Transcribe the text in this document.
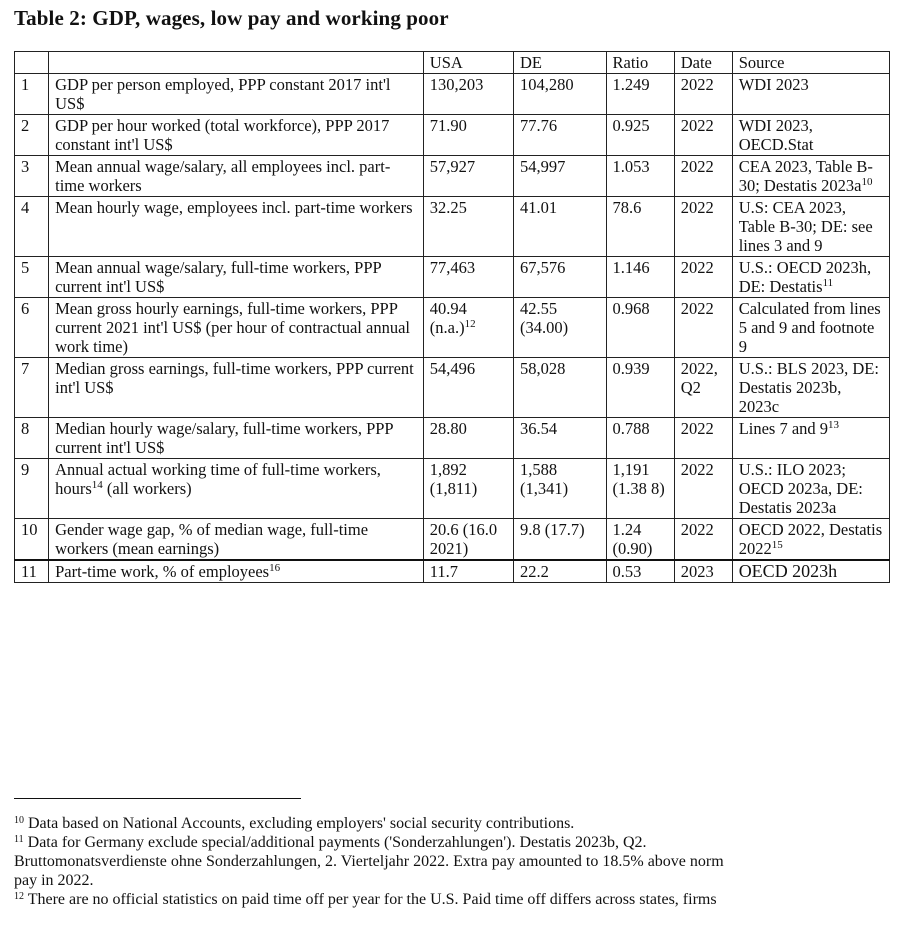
Table 2: GDP, wages, low pay and working poor
		USA	DE	Ratio	Date	Source
1	GDP per person employed, PPP constant 2017 int'l US$	130,203	104,280	1.249	2022	WDI 2023
2	GDP per hour worked (total workforce), PPP 2017 constant int'l US$	71.90	77.76	0.925	2022	WDI 2023, OECD.Stat
3	Mean annual wage/salary, all employees incl. part-time workers	57,927	54,997	1.053	2022	CEA 2023, Table B-30; Destatis $2023a^{10}$
4	Mean hourly wage, employees incl. part-time workers	32.25	41.01	78.6	2022	U.S: CEA 2023, Table B-30; DE: see lines 3 and 9
5	Mean annual wage/salary, full-time workers, PPP current int'l US$	77,463	67,576	1.146	2022	U.S.: OECD 2023h, DE: Destatis$^{11}$
6	Mean gross hourly earnings, full-time workers, PPP current 2021 int'l US$ (per hour of contractual annual work time)	40.94 $(n.a.)^{12}$	42.55 (34.00)	0.968	2022	Calculated from lines 5 and 9 and footnote 9
7	Median gross earnings, full-time workers, PPP current int'l US$	54,496	58,028	0.939	2022, Q2	U.S.: BLS 2023, DE: Destatis 2023b, 2023c
8	Median hourly wage/salary, full-time workers, PPP current int'l US$	28.80	36.54	0.788	2022	Lines 7 and $9^{13}$
9	Annual actual working time of full-time workers, hours$^{14}$ (all workers)	1,892 (1,811)	1,588 (1,341)	1,191 (1.38 8)	2022	U.S.: ILO 2023; OECD 2023a, DE: Destatis 2023a
10	Gender wage gap, % of median wage, full-time workers (mean earnings)	20.6 (16.0 2021)	9.8 (17.7)	1.24 (0.90)	2022	OECD 2022, Destatis 2022$^{15}$
11	Part-time work, % of employees$^{16}$	11.7	22.2	0.53	2023	OECD 2023h
$^{10}$ Data based on National Accounts, excluding employers' social security contributions.
$^{11}$ Data for Germany exclude special/additional payments ('Sonderzahlungen'). Destatis 2023b, Q2.
Bruttomonatsverdienste ohne Sonderzahlungen, 2. Vierteljahr 2022. Extra pay amounted to 18.5% above norm
pay in 2022.
$^{12}$ There are no official statistics on paid time off per year for the U.S. Paid time off differs across states, firms
